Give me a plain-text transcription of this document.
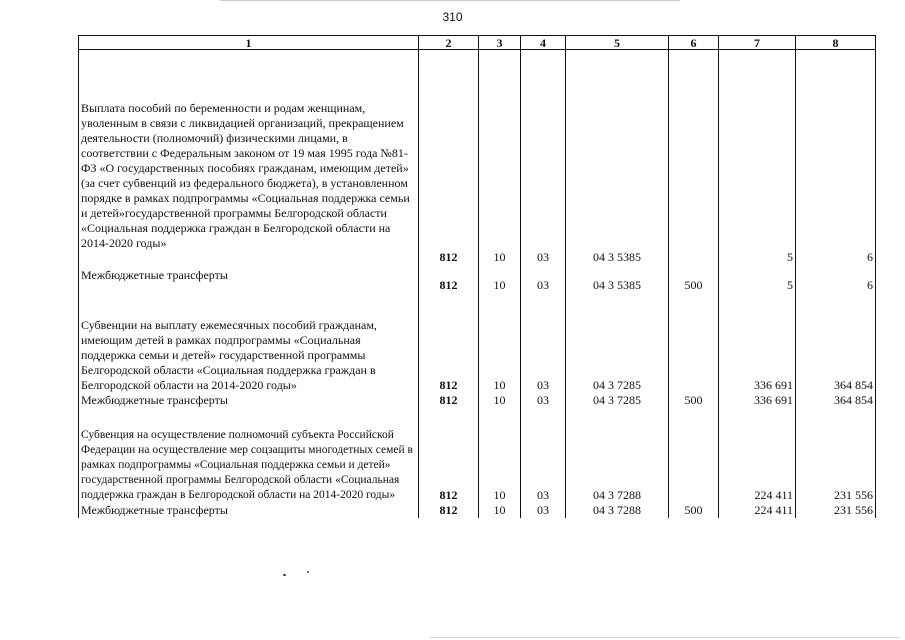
310
1	2	3	4	5	6	7	8

Выплата пособий по беременности и родам женщинам, уволенным в связи с ликвидацией организаций, прекращением деятельности (полномочий) физическими лицами, в соответствии с Федеральным законом от 19 мая 1995 года №81-ФЗ «О государственных пособиях гражданам, имеющим детей» (за счет субвенций из федерального бюджета), в установленном порядке в рамках подпрограммы «Социальная поддержка семьи и детей»государственной программы Белгородской области «Социальная поддержка граждан в Белгородской области на 2014-2020 годы»	812	10	03	04 3 5385		5	6

Межбюджетные трансферты	812	10	03	04 3 5385	500	5	6
Субвенции на выплату ежемесячных пособий гражданам, имеющим детей в рамках подпрограммы «Социальная поддержка семьи и детей» государственной программы Белгородской области «Социальная поддержка граждан в Белгородской области на 2014-2020 годы»	812	10	03	04 3 7285		336 691	364 854
Межбюджетные трансферты	812	10	03	04 3 7285	500	336 691	364 854
Субвенция на осуществление полномочий субъекта Российской Федерации на осуществление мер соцзащиты многодетных семей в рамках подпрограммы «Социальная поддержка семьи и детей» государственной программы Белгородской области «Социальная поддержка граждан в Белгородской области на 2014-2020 годы»	812	10	03	04 3 7288		224 411	231 556
Межбюджетные трансферты	812	10	03	04 3 7288	500	224 411	231 556
